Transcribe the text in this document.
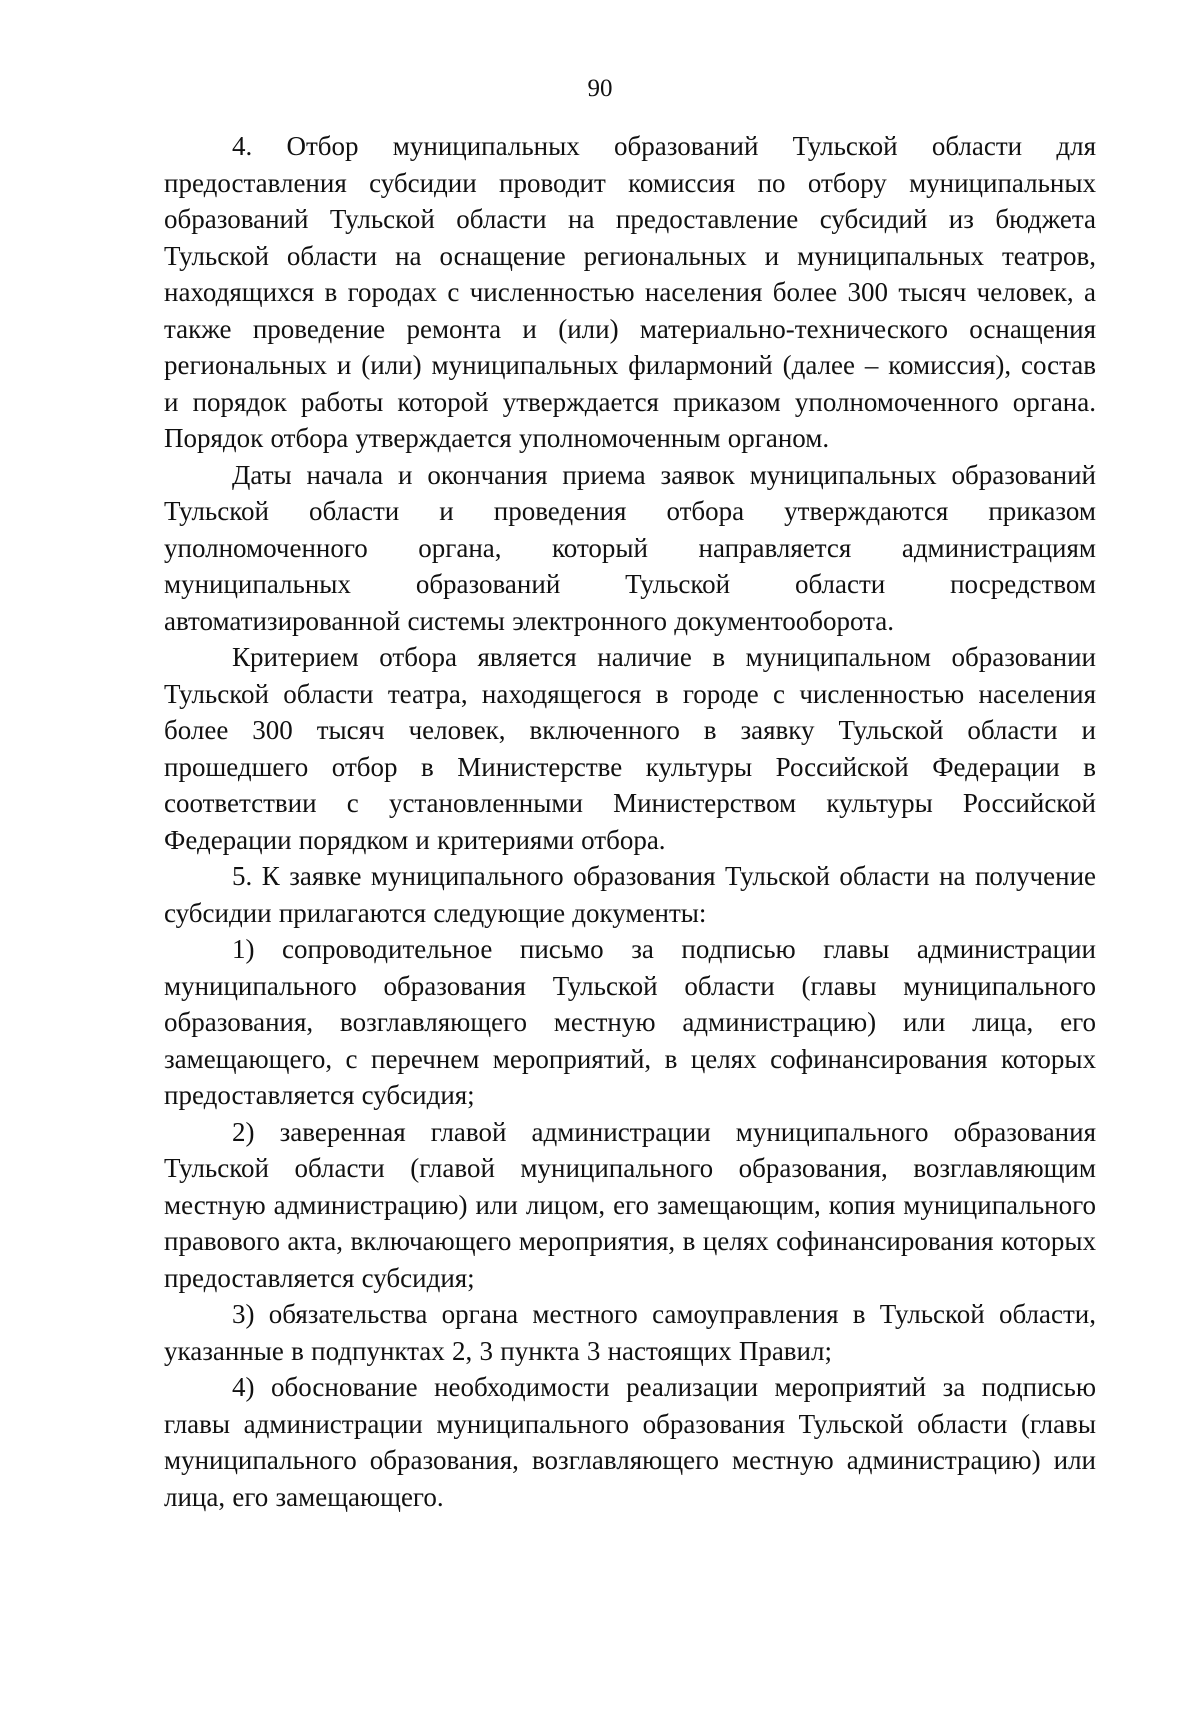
90

4. Отбор муниципальных образований Тульской области для предоставления субсидии проводит комиссия по отбору муниципальных образований Тульской области на предоставление субсидий из бюджета Тульской области на оснащение региональных и муниципальных театров, находящихся в городах с численностью населения более 300 тысяч человек, а также проведение ремонта и (или) материально-технического оснащения региональных и (или) муниципальных филармоний (далее – комиссия), состав и порядок работы которой утверждается приказом уполномоченного органа. Порядок отбора утверждается уполномоченным органом.

Даты начала и окончания приема заявок муниципальных образований Тульской области и проведения отбора утверждаются приказом уполномоченного органа, который направляется администрациям муниципальных образований Тульской области посредством автоматизированной системы электронного документооборота.

Критерием отбора является наличие в муниципальном образовании Тульской области театра, находящегося в городе с численностью населения более 300 тысяч человек, включенного в заявку Тульской области и прошедшего отбор в Министерстве культуры Российской Федерации в соответствии с установленными Министерством культуры Российской Федерации порядком и критериями отбора.

5. К заявке муниципального образования Тульской области на получение субсидии прилагаются следующие документы:

1) сопроводительное письмо за подписью главы администрации муниципального образования Тульской области (главы муниципального образования, возглавляющего местную администрацию) или лица, его замещающего, с перечнем мероприятий, в целях софинансирования которых предоставляется субсидия;

2) заверенная главой администрации муниципального образования Тульской области (главой муниципального образования, возглавляющим местную администрацию) или лицом, его замещающим, копия муниципального правового акта, включающего мероприятия, в целях софинансирования которых предоставляется субсидия;

3) обязательства органа местного самоуправления в Тульской области, указанные в подпунктах 2, 3 пункта 3 настоящих Правил;

4) обоснование необходимости реализации мероприятий за подписью главы администрации муниципального образования Тульской области (главы муниципального образования, возглавляющего местную администрацию) или лица, его замещающего.
